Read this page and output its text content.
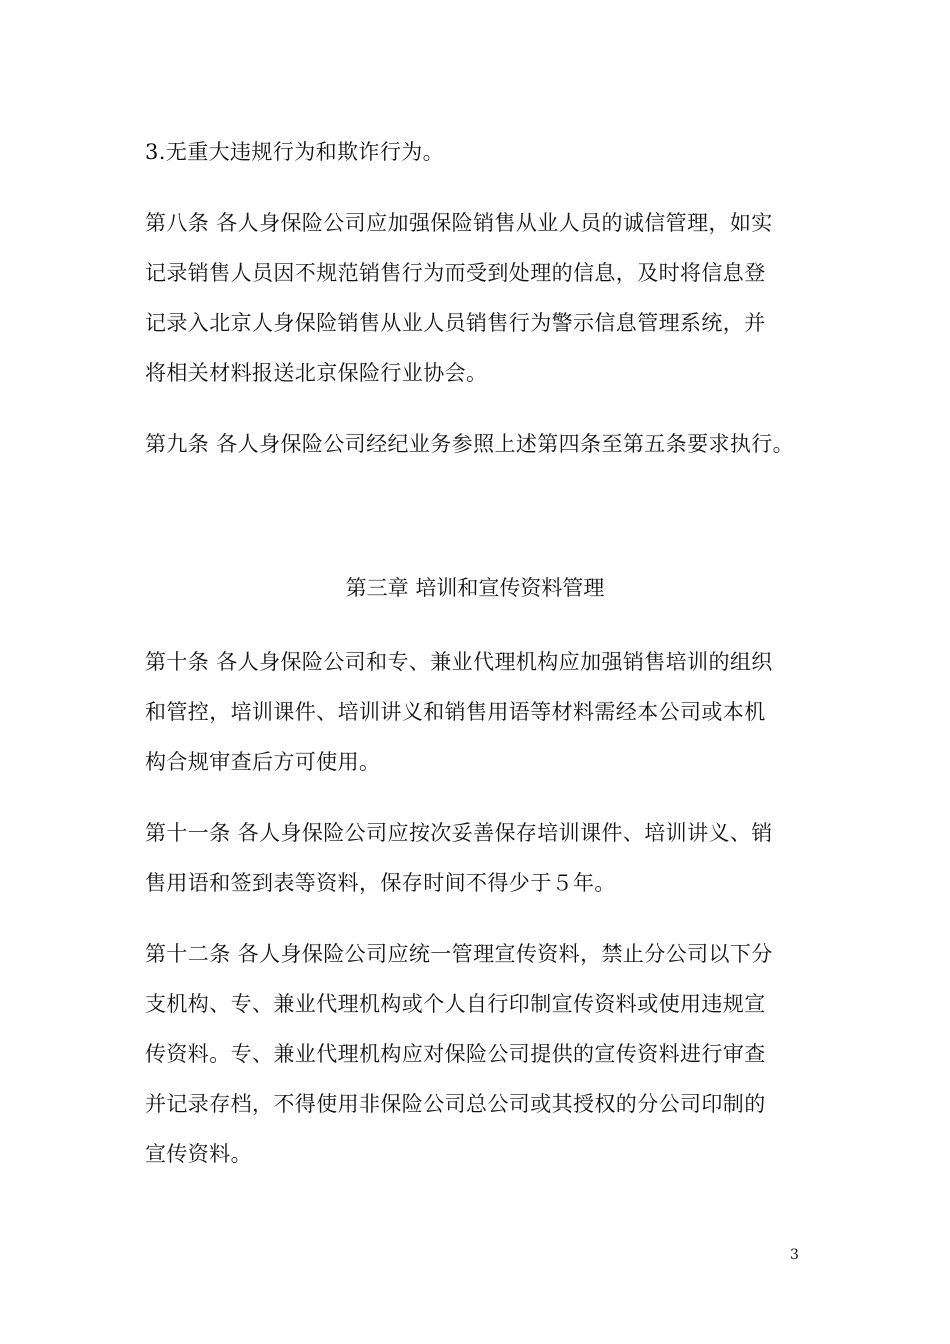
3.无重大违规行为和欺诈行为。
第八条 各人身保险公司应加强保险销售从业人员的诚信管理，如实
记录销售人员因不规范销售行为而受到处理的信息，及时将信息登
记录入北京人身保险销售从业人员销售行为警示信息管理系统，并
将相关材料报送北京保险行业协会。
第九条 各人身保险公司经纪业务参照上述第四条至第五条要求执行。
第三章 培训和宣传资料管理
第十条 各人身保险公司和专、兼业代理机构应加强销售培训的组织
和管控，培训课件、培训讲义和销售用语等材料需经本公司或本机
构合规审查后方可使用。
第十一条 各人身保险公司应按次妥善保存培训课件、培训讲义、销
售用语和签到表等资料，保存时间不得少于５年。
第十二条 各人身保险公司应统一管理宣传资料，禁止分公司以下分
支机构、专、兼业代理机构或个人自行印制宣传资料或使用违规宣
传资料。专、兼业代理机构应对保险公司提供的宣传资料进行审查
并记录存档，不得使用非保险公司总公司或其授权的分公司印制的
宣传资料。
3
